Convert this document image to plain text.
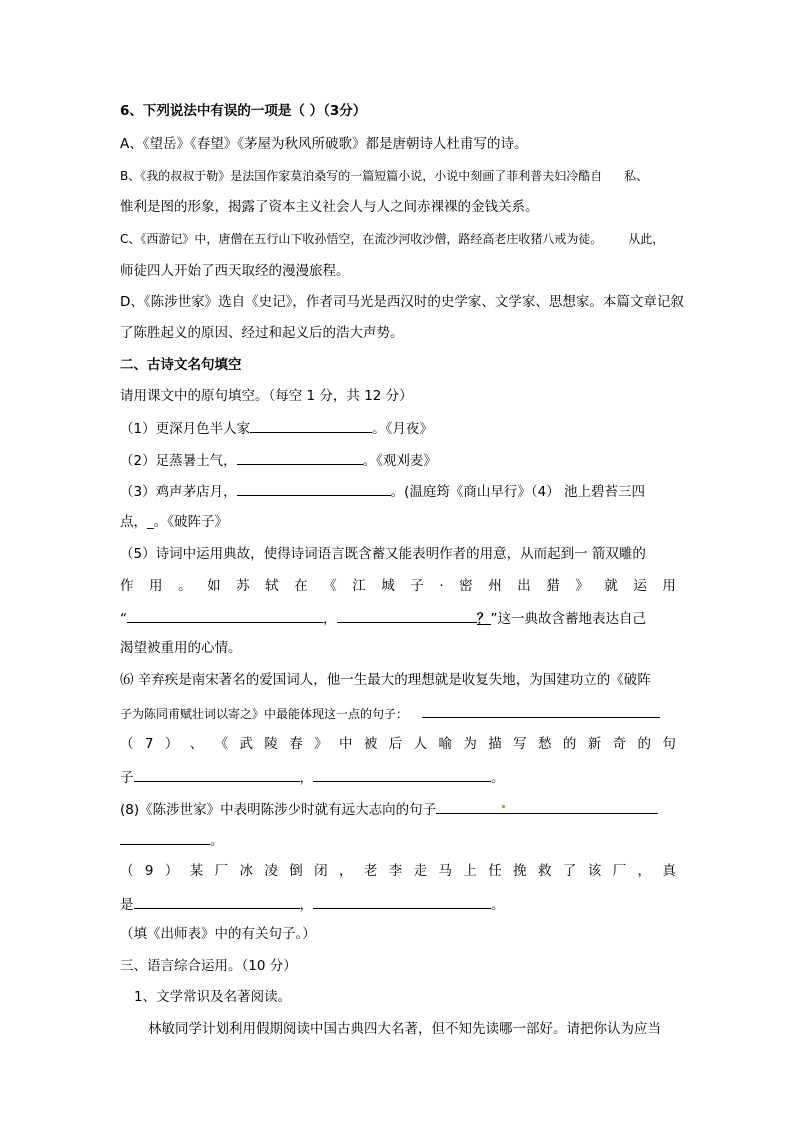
6、下列说法中有误的一项是（ ）（3分）
A、《望岳》《春望》《茅屋为秋风所破歌》都是唐朝诗人杜甫写的诗。
B、《我的叔叔于勒》是法国作家莫泊桑写的一篇短篇小说，小说中刻画了菲利普夫妇冷酷自 私、
惟利是图的形象，揭露了资本主义社会人与人之间赤裸裸的金钱关系。
C、《西游记》中，唐僧在五行山下收孙悟空，在流沙河收沙僧，路经高老庄收猪八戒为徒。 从此，
师徒四人开始了西天取经的漫漫旅程。
D、《陈涉世家》选自《史记》，作者司马光是西汉时的史学家、文学家、思想家。本篇文章记叙
了陈胜起义的原因、经过和起义后的浩大声势。
二、古诗文名句填空
请用课文中的原句填空。（每空 1 分，共 12 分）
（1）更深月色半人家	。《月夜》
（2）足蒸暑土气，	。《观刈麦》
（3）鸡声茅店月，	。(温庭筠《商山早行》（4） 池上碧苔三四
点，_。《破阵子》
（5）诗词中运用典故，使得诗词语言既含蓄又能表明作者的用意，从而起到一 箭双雕的
作 用 。 如 苏 轼 在 《 江 城 子 · 密 州 出 猎 》 就 运 用
“	，	？”这一典故含蓄地表达自己
渴望被重用的心情。
⑹ 辛弃疾是南宋著名的爱国词人，他一生最大的理想就是收复失地，为国建功立的《破阵
子为陈同甫赋壮词以寄之》中最能体现这一点的句子：
（ 7 ） 、 《 武 陵 春 》 中 被 后 人 喻 为 描 写 愁 的 新 奇 的 句
子	，	。
(8)《陈涉世家》中表明陈涉少时就有远大志向的句子
。
（ 9 ） 某 厂 冰 凌 倒 闭 ， 老 李 走 马 上 任 挽 救 了 该 厂 ， 真
是	，	。
（填《出师表》中的有关句子。）
三、语言综合运用。（10 分）
1、文学常识及名著阅读。
林敏同学计划利用假期阅读中国古典四大名著，但不知先读哪一部好。请把你认为应当
